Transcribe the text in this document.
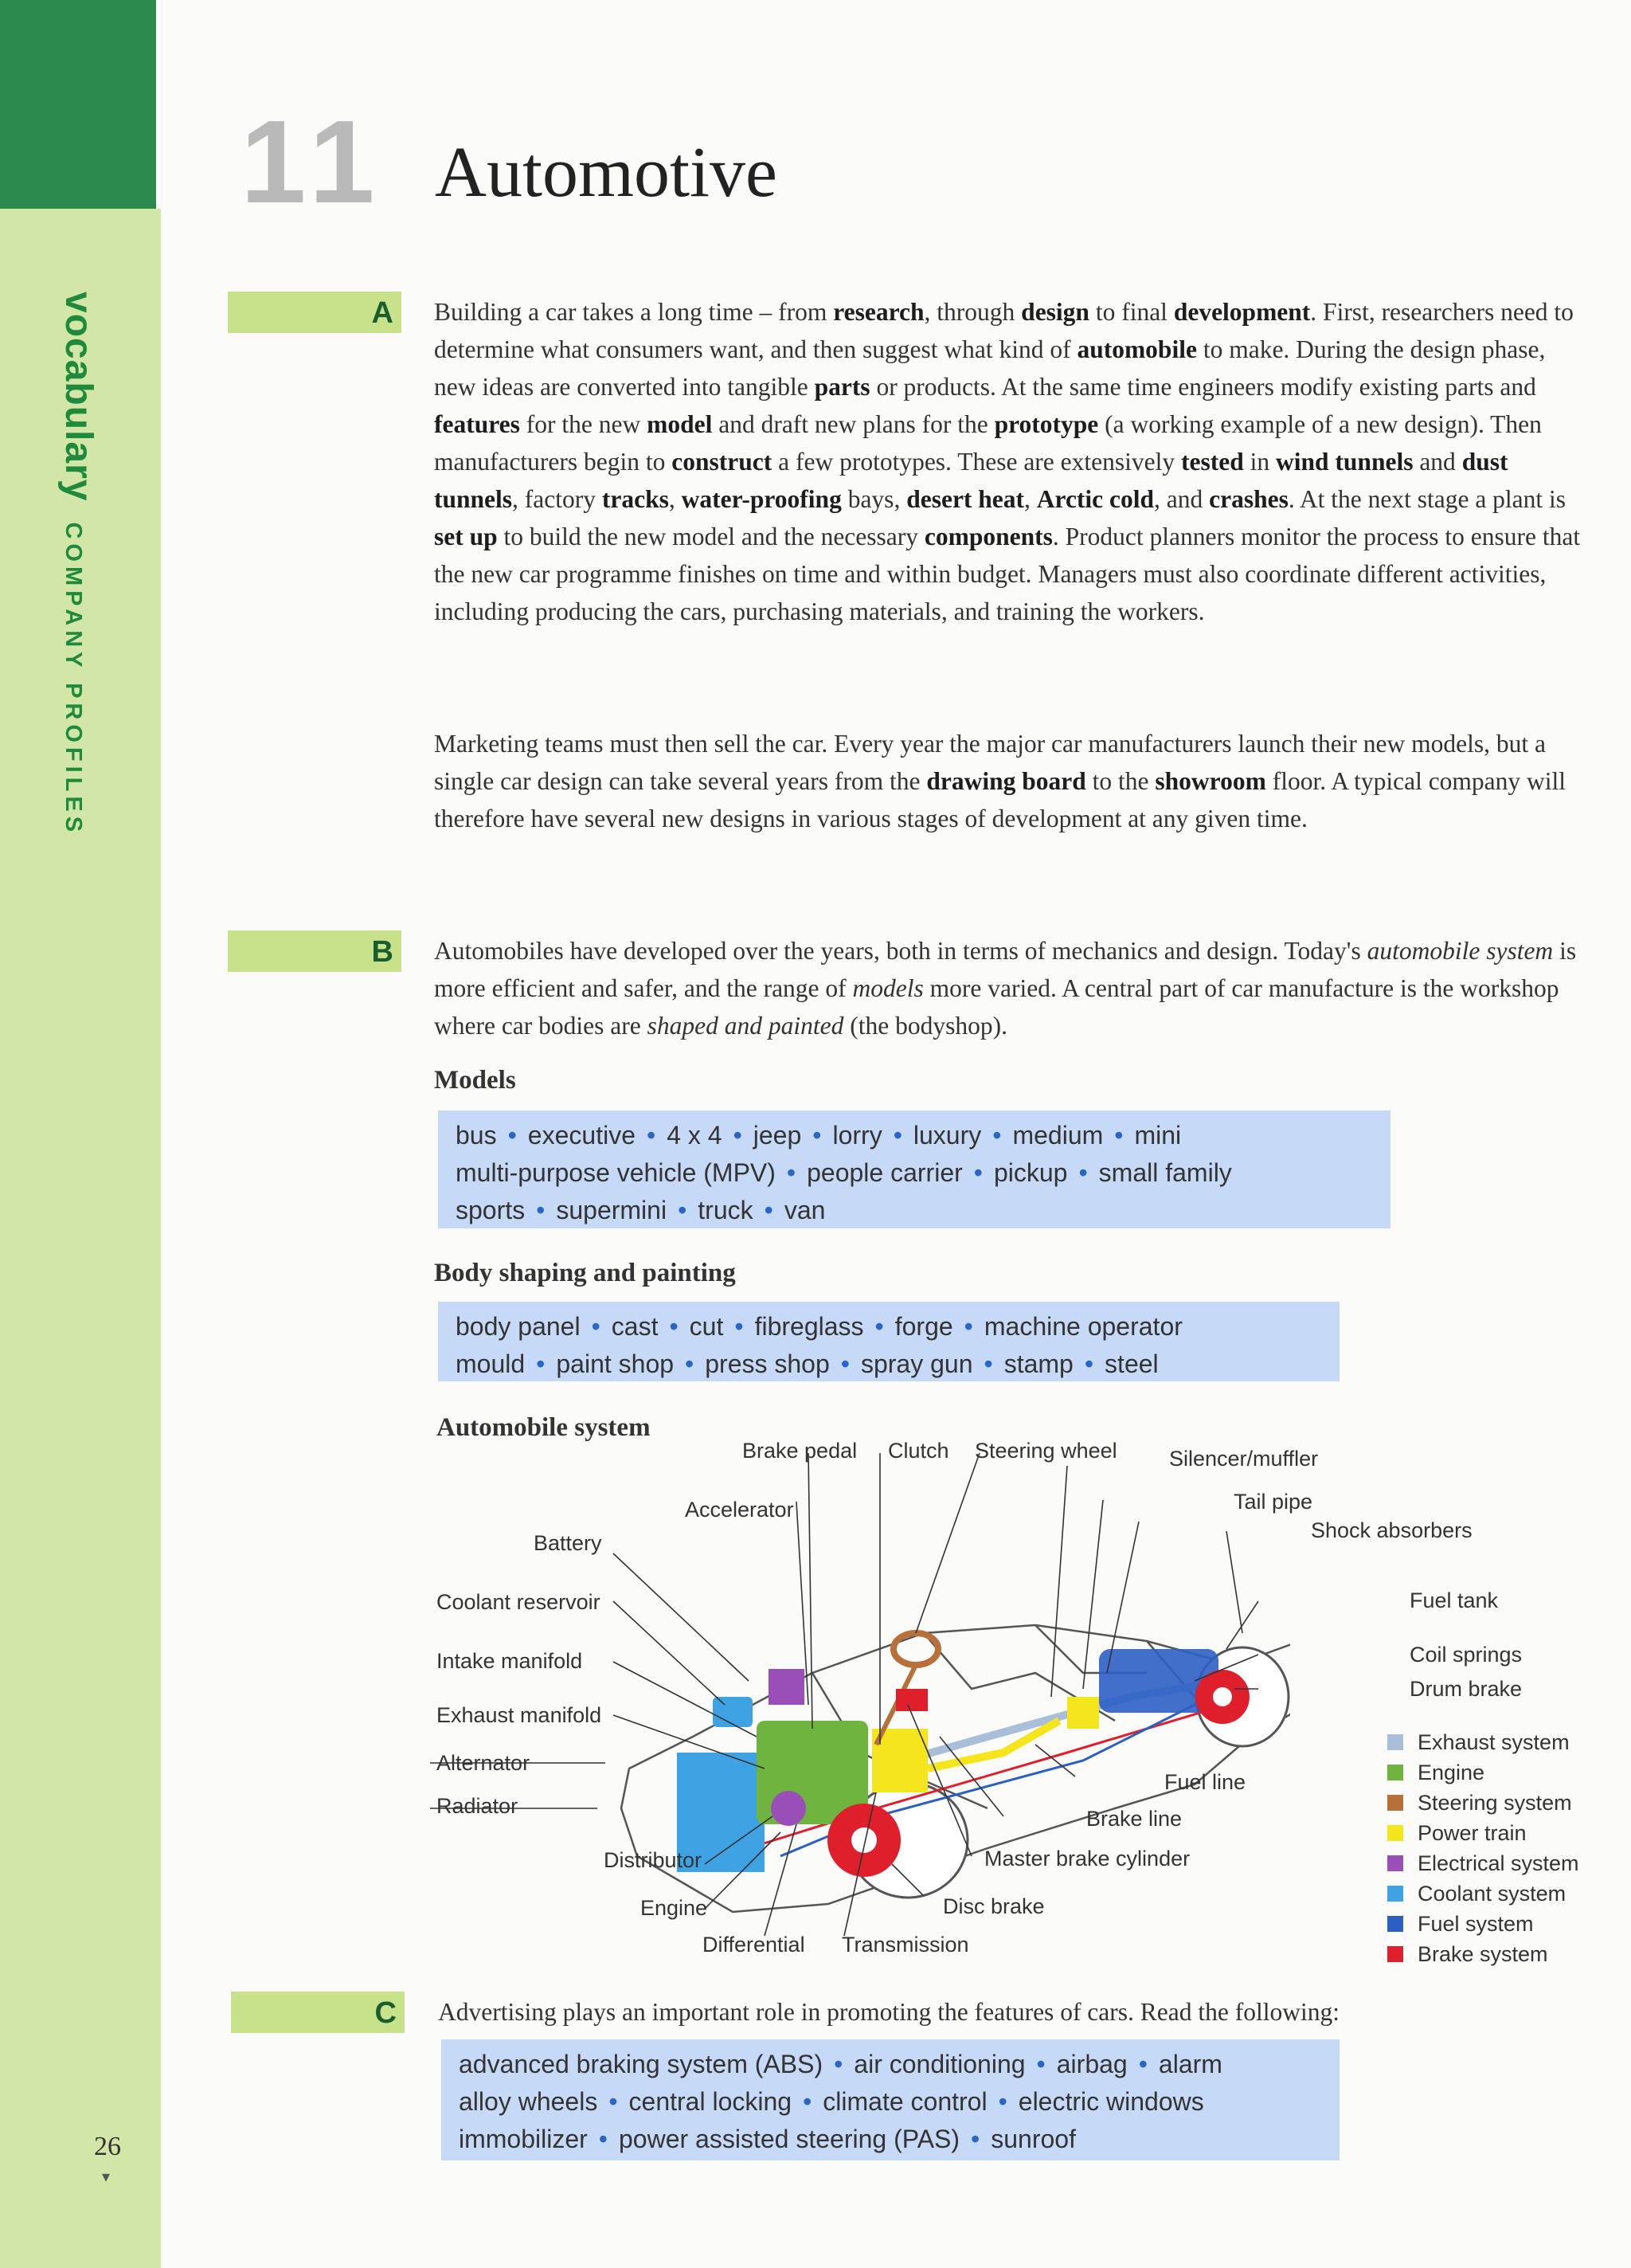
vocabularyCOMPANY PROFILES
26
▾
11 Automotive
A Building a car takes a long time – from research, through design to final development. First, researchers need to determine what consumers want, and then suggest what kind of automobile to make. During the design phase, new ideas are converted into tangible parts or products. At the same time engineers modify existing parts and features for the new model and draft new plans for the prototype (a working example of a new design). Then manufacturers begin to construct a few prototypes. These are extensively tested in wind tunnels and dust tunnels, factory tracks, water-proofing bays, desert heat, Arctic cold, and crashes. At the next stage a plant is set up to build the new model and the necessary components. Product planners monitor the process to ensure that the new car programme finishes on time and within budget. Managers must also coordinate different activities, including producing the cars, purchasing materials, and training the workers.
Marketing teams must then sell the car. Every year the major car manufacturers launch their new models, but a single car design can take several years from the drawing board to the showroom floor. A typical company will therefore have several new designs in various stages of development at any given time.
B Automobiles have developed over the years, both in terms of mechanics and design. Today's automobile system is more efficient and safer, and the range of models more varied. A central part of car manufacture is the workshop where car bodies are shaped and painted (the bodyshop).
Models
bus • executive • 4 x 4 • jeep • lorry • luxury • medium • mini
multi-purpose vehicle (MPV) • people carrier • pickup • small family
sports • supermini • truck • van
Body shaping and painting
body panel • cast • cut • fibreglass • forge • machine operator
mould • paint shop • press shop • spray gun • stamp • steel
Automobile system
Brake pedal Clutch Steering wheel Silencer/muffler
Accelerator	Tail pipe
Shock absorbers
Battery
Coolant reservoir	Fuel tank
Intake manifold	Coil springs
Drum brake
Exhaust manifold
Alternator
Fuel line
Radiator
Brake line
Distributor	Master brake cylinder
Engine	Disc brake
Differential Transmission
Exhaust system
Engine
Steering system
Power train
Electrical system
Coolant system
Fuel system
Brake system
C Advertising plays an important role in promoting the features of cars. Read the following:
advanced braking system (ABS) • air conditioning • airbag • alarm
alloy wheels • central locking • climate control • electric windows
immobilizer • power assisted steering (PAS) • sunroof
